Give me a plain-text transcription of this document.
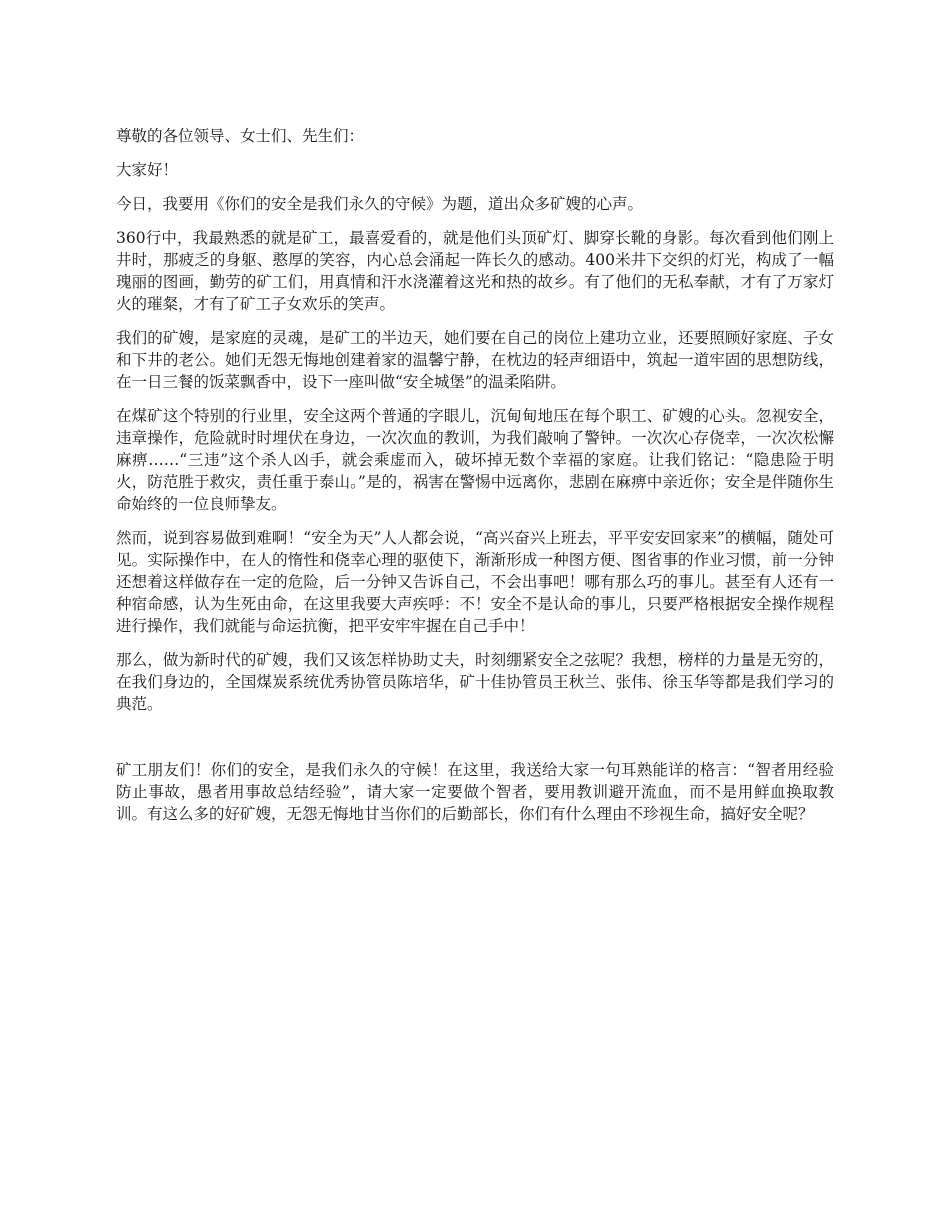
尊敬的各位领导、女士们、先生们：

大家好！

今日，我要用《你们的安全是我们永久的守候》为题，道出众多矿嫂的心声。

360行中，我最熟悉的就是矿工，最喜爱看的，就是他们头顶矿灯、脚穿长靴的身影。每次看到他们刚上井时，那疲乏的身躯、憨厚的笑容，内心总会涌起一阵长久的感动。400米井下交织的灯光，构成了一幅瑰丽的图画，勤劳的矿工们，用真情和汗水浇灌着这光和热的故乡。有了他们的无私奉献，才有了万家灯火的璀粲，才有了矿工子女欢乐的笑声。

我们的矿嫂，是家庭的灵魂，是矿工的半边天，她们要在自己的岗位上建功立业，还要照顾好家庭、子女和下井的老公。她们无怨无悔地创建着家的温馨宁静，在枕边的轻声细语中，筑起一道牢固的思想防线，在一日三餐的饭菜飘香中，设下一座叫做“安全城堡”的温柔陷阱。

在煤矿这个特别的行业里，安全这两个普通的字眼儿，沉甸甸地压在每个职工、矿嫂的心头。忽视安全，违章操作，危险就时时埋伏在身边，一次次血的教训，为我们敲响了警钟。一次次心存侥幸，一次次松懈麻痹……“三违”这个杀人凶手，就会乘虚而入，破坏掉无数个幸福的家庭。让我们铭记：“隐患险于明火，防范胜于救灾，责任重于泰山。”是的，祸害在警惕中远离你，悲剧在麻痹中亲近你；安全是伴随你生命始终的一位良师挚友。

然而，说到容易做到难啊！“安全为天”人人都会说，“高兴奋兴上班去，平平安安回家来”的横幅，随处可见。实际操作中，在人的惰性和侥幸心理的驱使下，渐渐形成一种图方便、图省事的作业习惯，前一分钟还想着这样做存在一定的危险，后一分钟又告诉自己，不会出事吧！哪有那么巧的事儿。甚至有人还有一种宿命感，认为生死由命，在这里我要大声疾呼：不！安全不是认命的事儿，只要严格根据安全操作规程进行操作，我们就能与命运抗衡，把平安牢牢握在自己手中！

那么，做为新时代的矿嫂，我们又该怎样协助丈夫，时刻绷紧安全之弦呢？我想，榜样的力量是无穷的，在我们身边的，全国煤炭系统优秀协管员陈培华，矿十佳协管员王秋兰、张伟、徐玉华等都是我们学习的典范。

矿工朋友们！你们的安全，是我们永久的守候！在这里，我送给大家一句耳熟能详的格言：“智者用经验防止事故，愚者用事故总结经验”，请大家一定要做个智者，要用教训避开流血，而不是用鲜血换取教训。有这么多的好矿嫂，无怨无悔地甘当你们的后勤部长，你们有什么理由不珍视生命，搞好安全呢？
